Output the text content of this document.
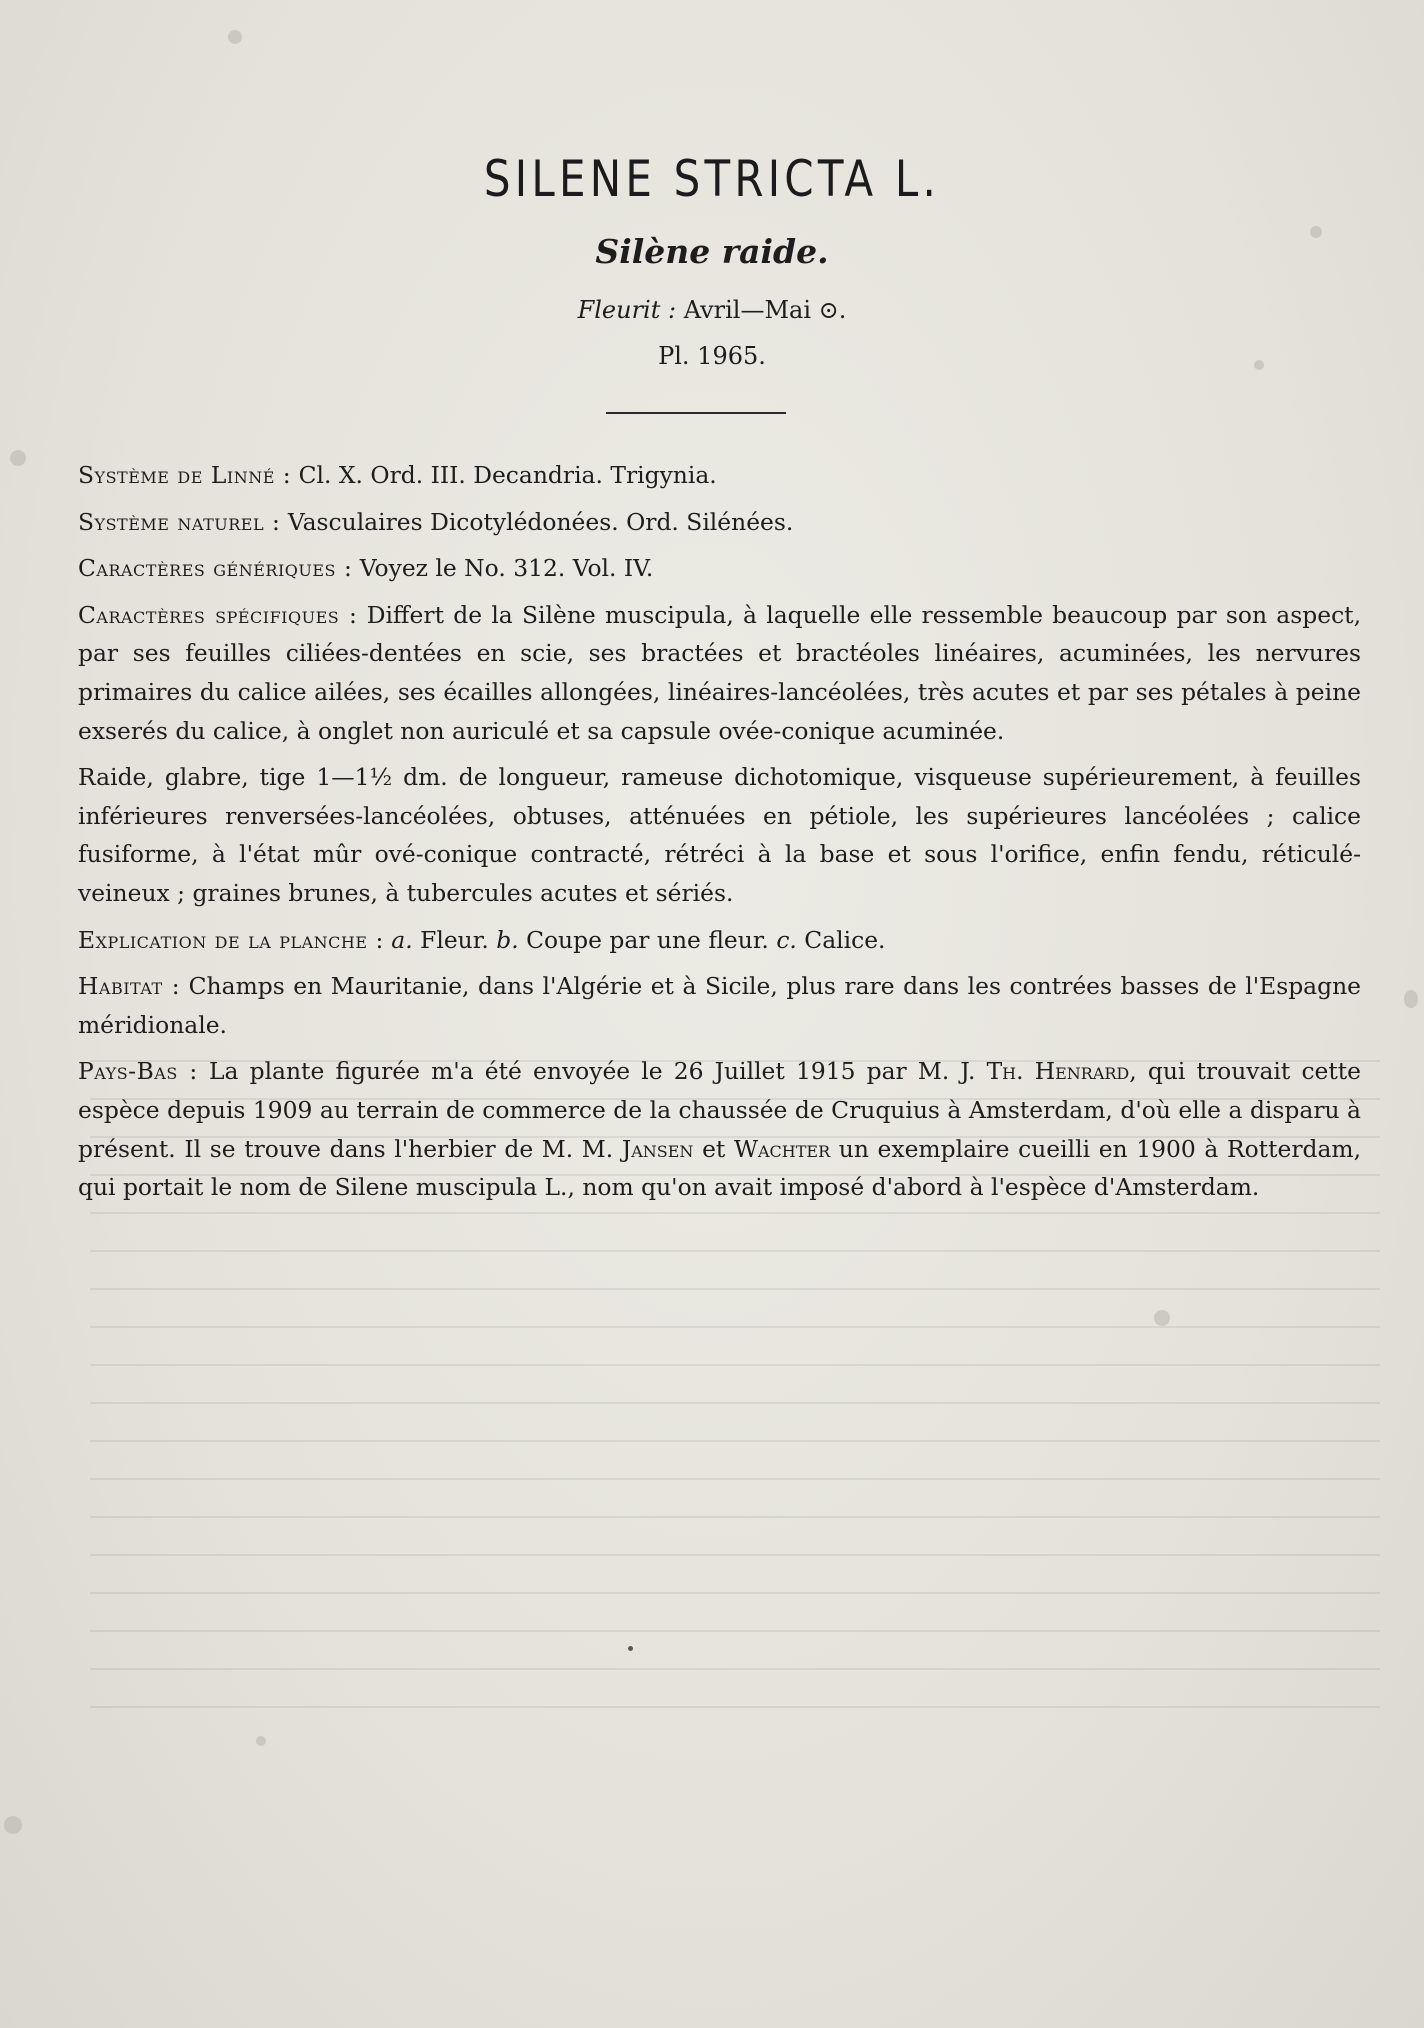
SILENE STRICTA L.
Silène raide.
Fleurit : Avril—Mai ⊙.
Pl. 1965.

Système de Linné : Cl. X. Ord. III. Decandria. Trigynia.

Système naturel : Vasculaires Dicotylédonées. Ord. Silénées.

Caractères génériques : Voyez le No. 312. Vol. IV.

Caractères spécifiques : Differt de la Silène muscipula, à laquelle elle ressemble beaucoup par son aspect, par ses feuilles ciliées-dentées en scie, ses bractées et bractéoles linéaires, acuminées, les nervures primaires du calice ailées, ses écailles allongées, linéaires-lancéolées, très acutes et par ses pétales à peine exserés du calice, à onglet non auriculé et sa capsule ovée-conique acuminée.

Raide, glabre, tige 1—1½ dm. de longueur, rameuse dichotomique, visqueuse supérieurement, à feuilles inférieures renversées-lancéolées, obtuses, atténuées en pétiole, les supérieures lancéolées ; calice fusiforme, à l'état mûr ové-conique contracté, rétréci à la base et sous l'orifice, enfin fendu, réticulé-veineux ; graines brunes, à tubercules acutes et sériés.

Explication de la planche : a. Fleur. b. Coupe par une fleur. c. Calice.

Habitat : Champs en Mauritanie, dans l'Algérie et à Sicile, plus rare dans les contrées basses de l'Espagne méridionale.

Pays-Bas : La plante figurée m'a été envoyée le 26 Juillet 1915 par M. J. Th. Henrard, qui trouvait cette espèce depuis 1909 au terrain de commerce de la chaussée de Cruquius à Amsterdam, d'où elle a disparu à présent. Il se trouve dans l'herbier de M. M. Jansen et Wachter un exemplaire cueilli en 1900 à Rotterdam, qui portait le nom de Silene muscipula L., nom qu'on avait imposé d'abord à l'espèce d'Amsterdam.
